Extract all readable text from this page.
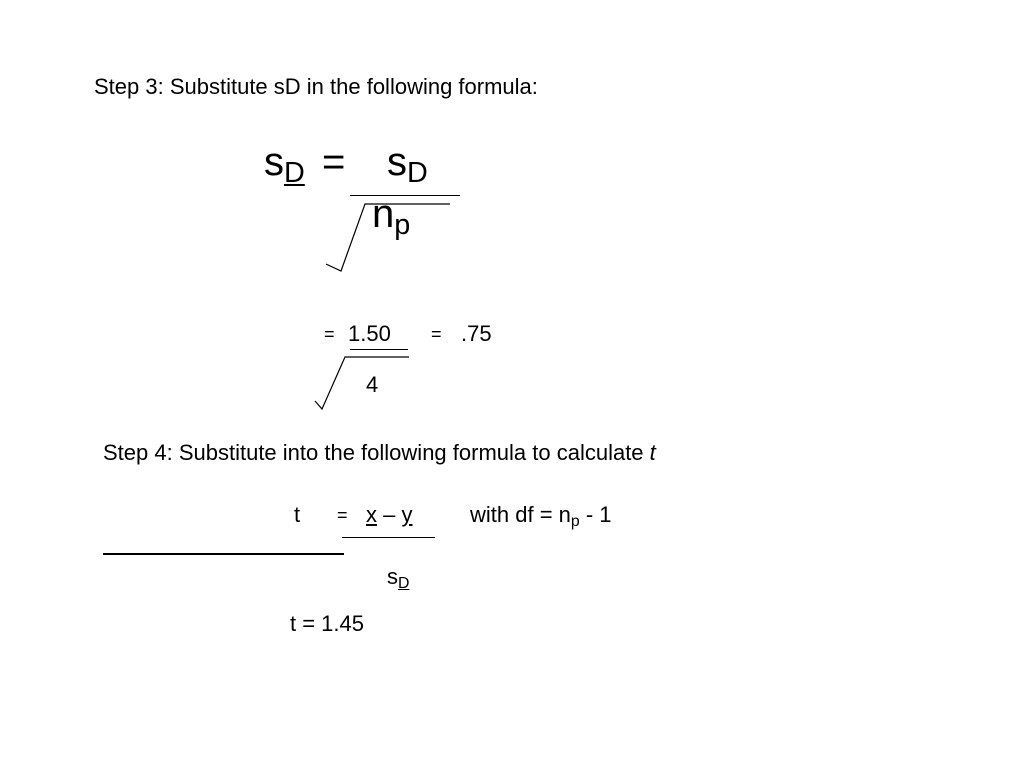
Step 3: Substitute sD in the following formula:
$s_D = s_D$
$n_p$
= 1.50 = .75
4
Step 4: Substitute into the following formula to calculate t
t = x – y	with df = $n_p - 1$
$s_D$
t = 1.45
